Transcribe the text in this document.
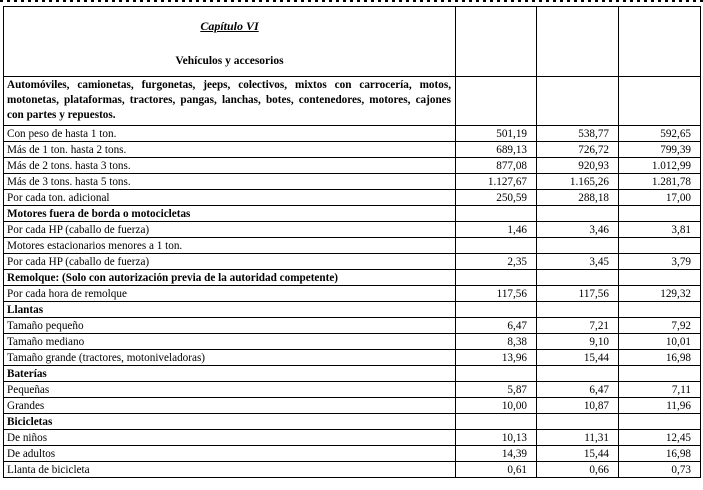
Capítulo VI
Vehículos y accesorios			

Automóviles, camionetas, furgonetas, jeeps, colectivos, mixtos con carrocería, motos, motonetas, plataformas, tractores, pangas, lanchas, botes, contenedores, motores, cajones con partes y repuestos.			
Con peso de hasta 1 ton.	501,19	538,77	592,65
Más de 1 ton. hasta 2 tons.	689,13	726,72	799,39
Más de 2 tons. hasta 3 tons.	877,08	920,93	1.012,99
Más de 3 tons. hasta 5 tons.	1.127,67	1.165,26	1.281,78
Por cada ton. adicional	250,59	288,18	17,00
Motores fuera de borda o motocicletas			
Por cada HP (caballo de fuerza)	1,46	3,46	3,81
Motores estacionarios menores a 1 ton.			
Por cada HP (caballo de fuerza)	2,35	3,45	3,79
Remolque: (Solo con autorización previa de la autoridad competente)			
Por cada hora de remolque	117,56	117,56	129,32
Llantas			
Tamaño pequeño	6,47	7,21	7,92
Tamaño mediano	8,38	9,10	10,01
Tamaño grande (tractores, motoniveladoras)	13,96	15,44	16,98
Baterías			
Pequeñas	5,87	6,47	7,11
Grandes	10,00	10,87	11,96
Bicicletas			
De niños	10,13	11,31	12,45
De adultos	14,39	15,44	16,98
Llanta de bicicleta	0,61	0,66	0,73
